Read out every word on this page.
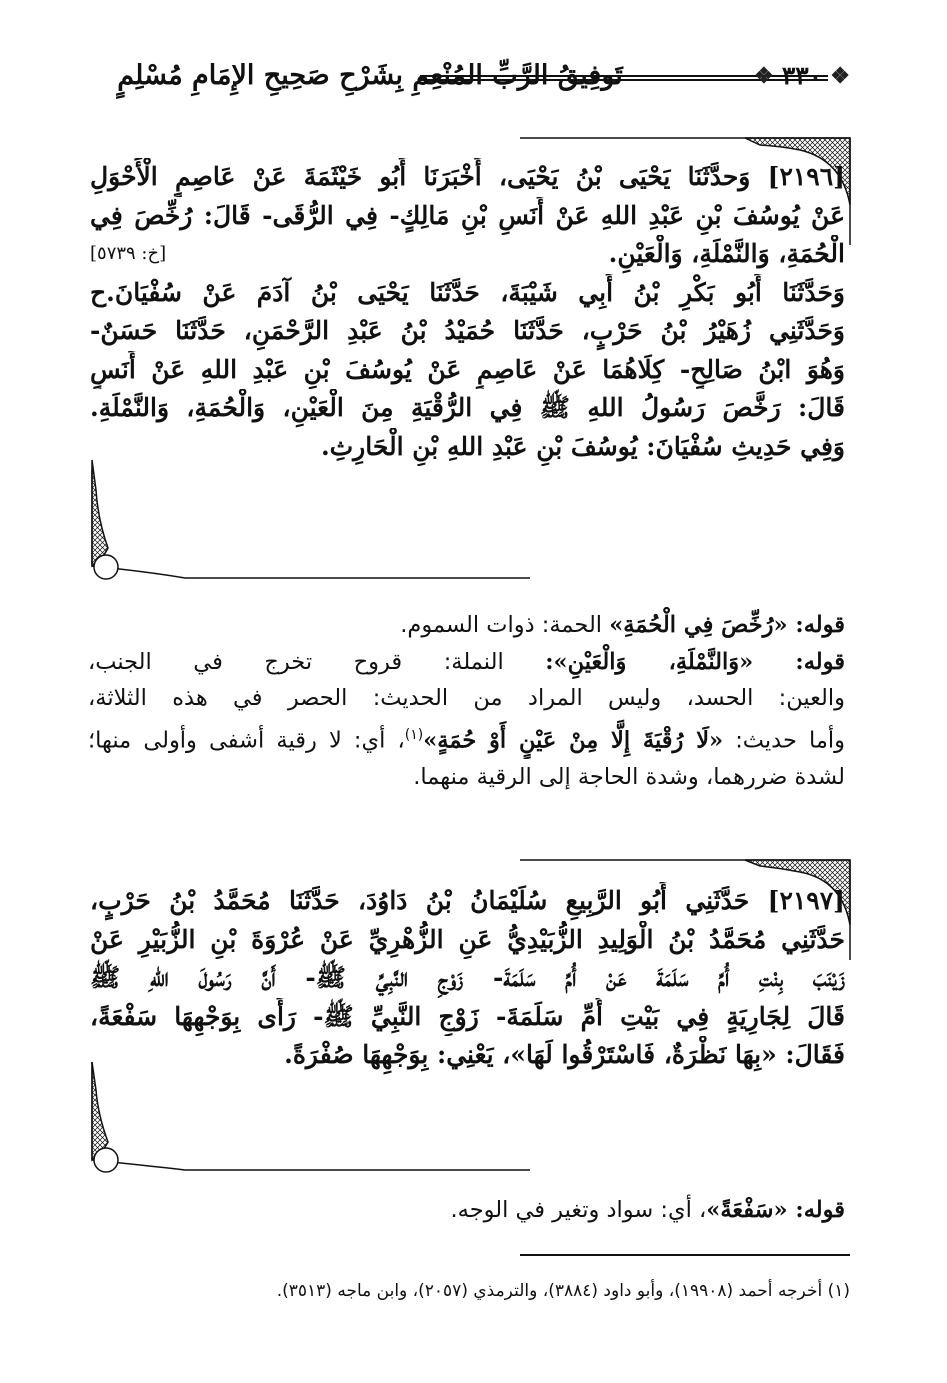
تَوفِيقُ الرَّبِّ المُنْعِمِ بِشَرْحِ صَحِيحِ الإِمَامِ مُسْلِمٍ	❖ ٣٣٠ ❖
[٢١٩٦] وَحدَّثَنَا يَحْيَى بْنُ يَحْيَى، أَخْبَرَنَا أَبُو خَيْثَمَةَ عَنْ عَاصِمٍ الْأَحْوَلِ
عَنْ يُوسُفَ بْنِ عَبْدِ اللهِ عَنْ أَنَسِ بْنِ مَالِكٍ- فِي الرُّقَى- قَالَ: رُخِّصَ فِي
[خ: ٥٧٣٩]	الْحُمَةِ، وَالنَّمْلَةِ، وَالْعَيْنِ.
وَحَدَّثَنَا أَبُو بَكْرِ بْنُ أَبِي شَيْبَةَ، حَدَّثَنَا يَحْيَى بْنُ آدَمَ عَنْ سُفْيَانَ.ح
وَحَدَّثَنِي زُهَيْرُ بْنُ حَرْبٍ، حَدَّثَنَا حُمَيْدُ بْنُ عَبْدِ الرَّحْمَنِ، حَدَّثَنَا حَسَنٌ-
وَهُوَ ابْنُ صَالِحٍ- كِلَاهُمَا عَنْ عَاصِمٍ عَنْ يُوسُفَ بْنِ عَبْدِ اللهِ عَنْ أَنَسٍ
قَالَ: رَخَّصَ رَسُولُ اللهِ ﷺ فِي الرُّقْيَةِ مِنَ الْعَيْنِ، وَالْحُمَةِ، وَالنَّمْلَةِ.
وَفِي حَدِيثِ سُفْيَانَ: يُوسُفَ بْنِ عَبْدِ اللهِ بْنِ الْحَارِثِ.
قوله: «رُخِّصَ فِي الْحُمَةِ» الحمة: ذوات السموم.
قوله: «وَالنَّمْلَةِ، وَالْعَيْنِ»: النملة: قروح تخرج في الجنب،
والعين: الحسد، وليس المراد من الحديث: الحصر في هذه الثلاثة،
وأما حديث: «لَا رُقْيَةَ إِلَّا مِنْ عَيْنٍ أَوْ حُمَةٍ»$^{(١)}$، أي: لا رقية أشفى وأولى منها؛
لشدة ضررهما، وشدة الحاجة إلى الرقية منهما.
[٢١٩٧] حَدَّثَنِي أَبُو الرَّبِيعِ سُلَيْمَانُ بْنُ دَاوُدَ، حَدَّثَنَا مُحَمَّدُ بْنُ حَرْبٍ،
حَدَّثَنِي مُحَمَّدُ بْنُ الْوَلِيدِ الزُّبَيْدِيُّ عَنِ الزُّهْرِيِّ عَنْ عُرْوَةَ بْنِ الزُّبَيْرِ عَنْ
زَيْنَبَ بِنْتِ أُمِّ سَلَمَةَ عَنْ أُمِّ سَلَمَةَ- زَوْجِ النَّبِيِّ ﷺ- أَنَّ رَسُولَ اللهِ ﷺ
قَالَ لِجَارِيَةٍ فِي بَيْتِ أُمِّ سَلَمَةَ- زَوْجِ النَّبِيِّ ﷺ- رَأَى بِوَجْهِهَا سَفْعَةً،
فَقَالَ: «بِهَا نَظْرَةٌ، فَاسْتَرْقُوا لَهَا»، يَعْنِي: بِوَجْهِهَا صُفْرَةً.
قوله: «سَفْعَةً»، أي: سواد وتغير في الوجه.
(١) أخرجه أحمد (١٩٩٠٨)، وأبو داود (٣٨٨٤)، والترمذي (٢٠٥٧)، وابن ماجه (٣٥١٣).
